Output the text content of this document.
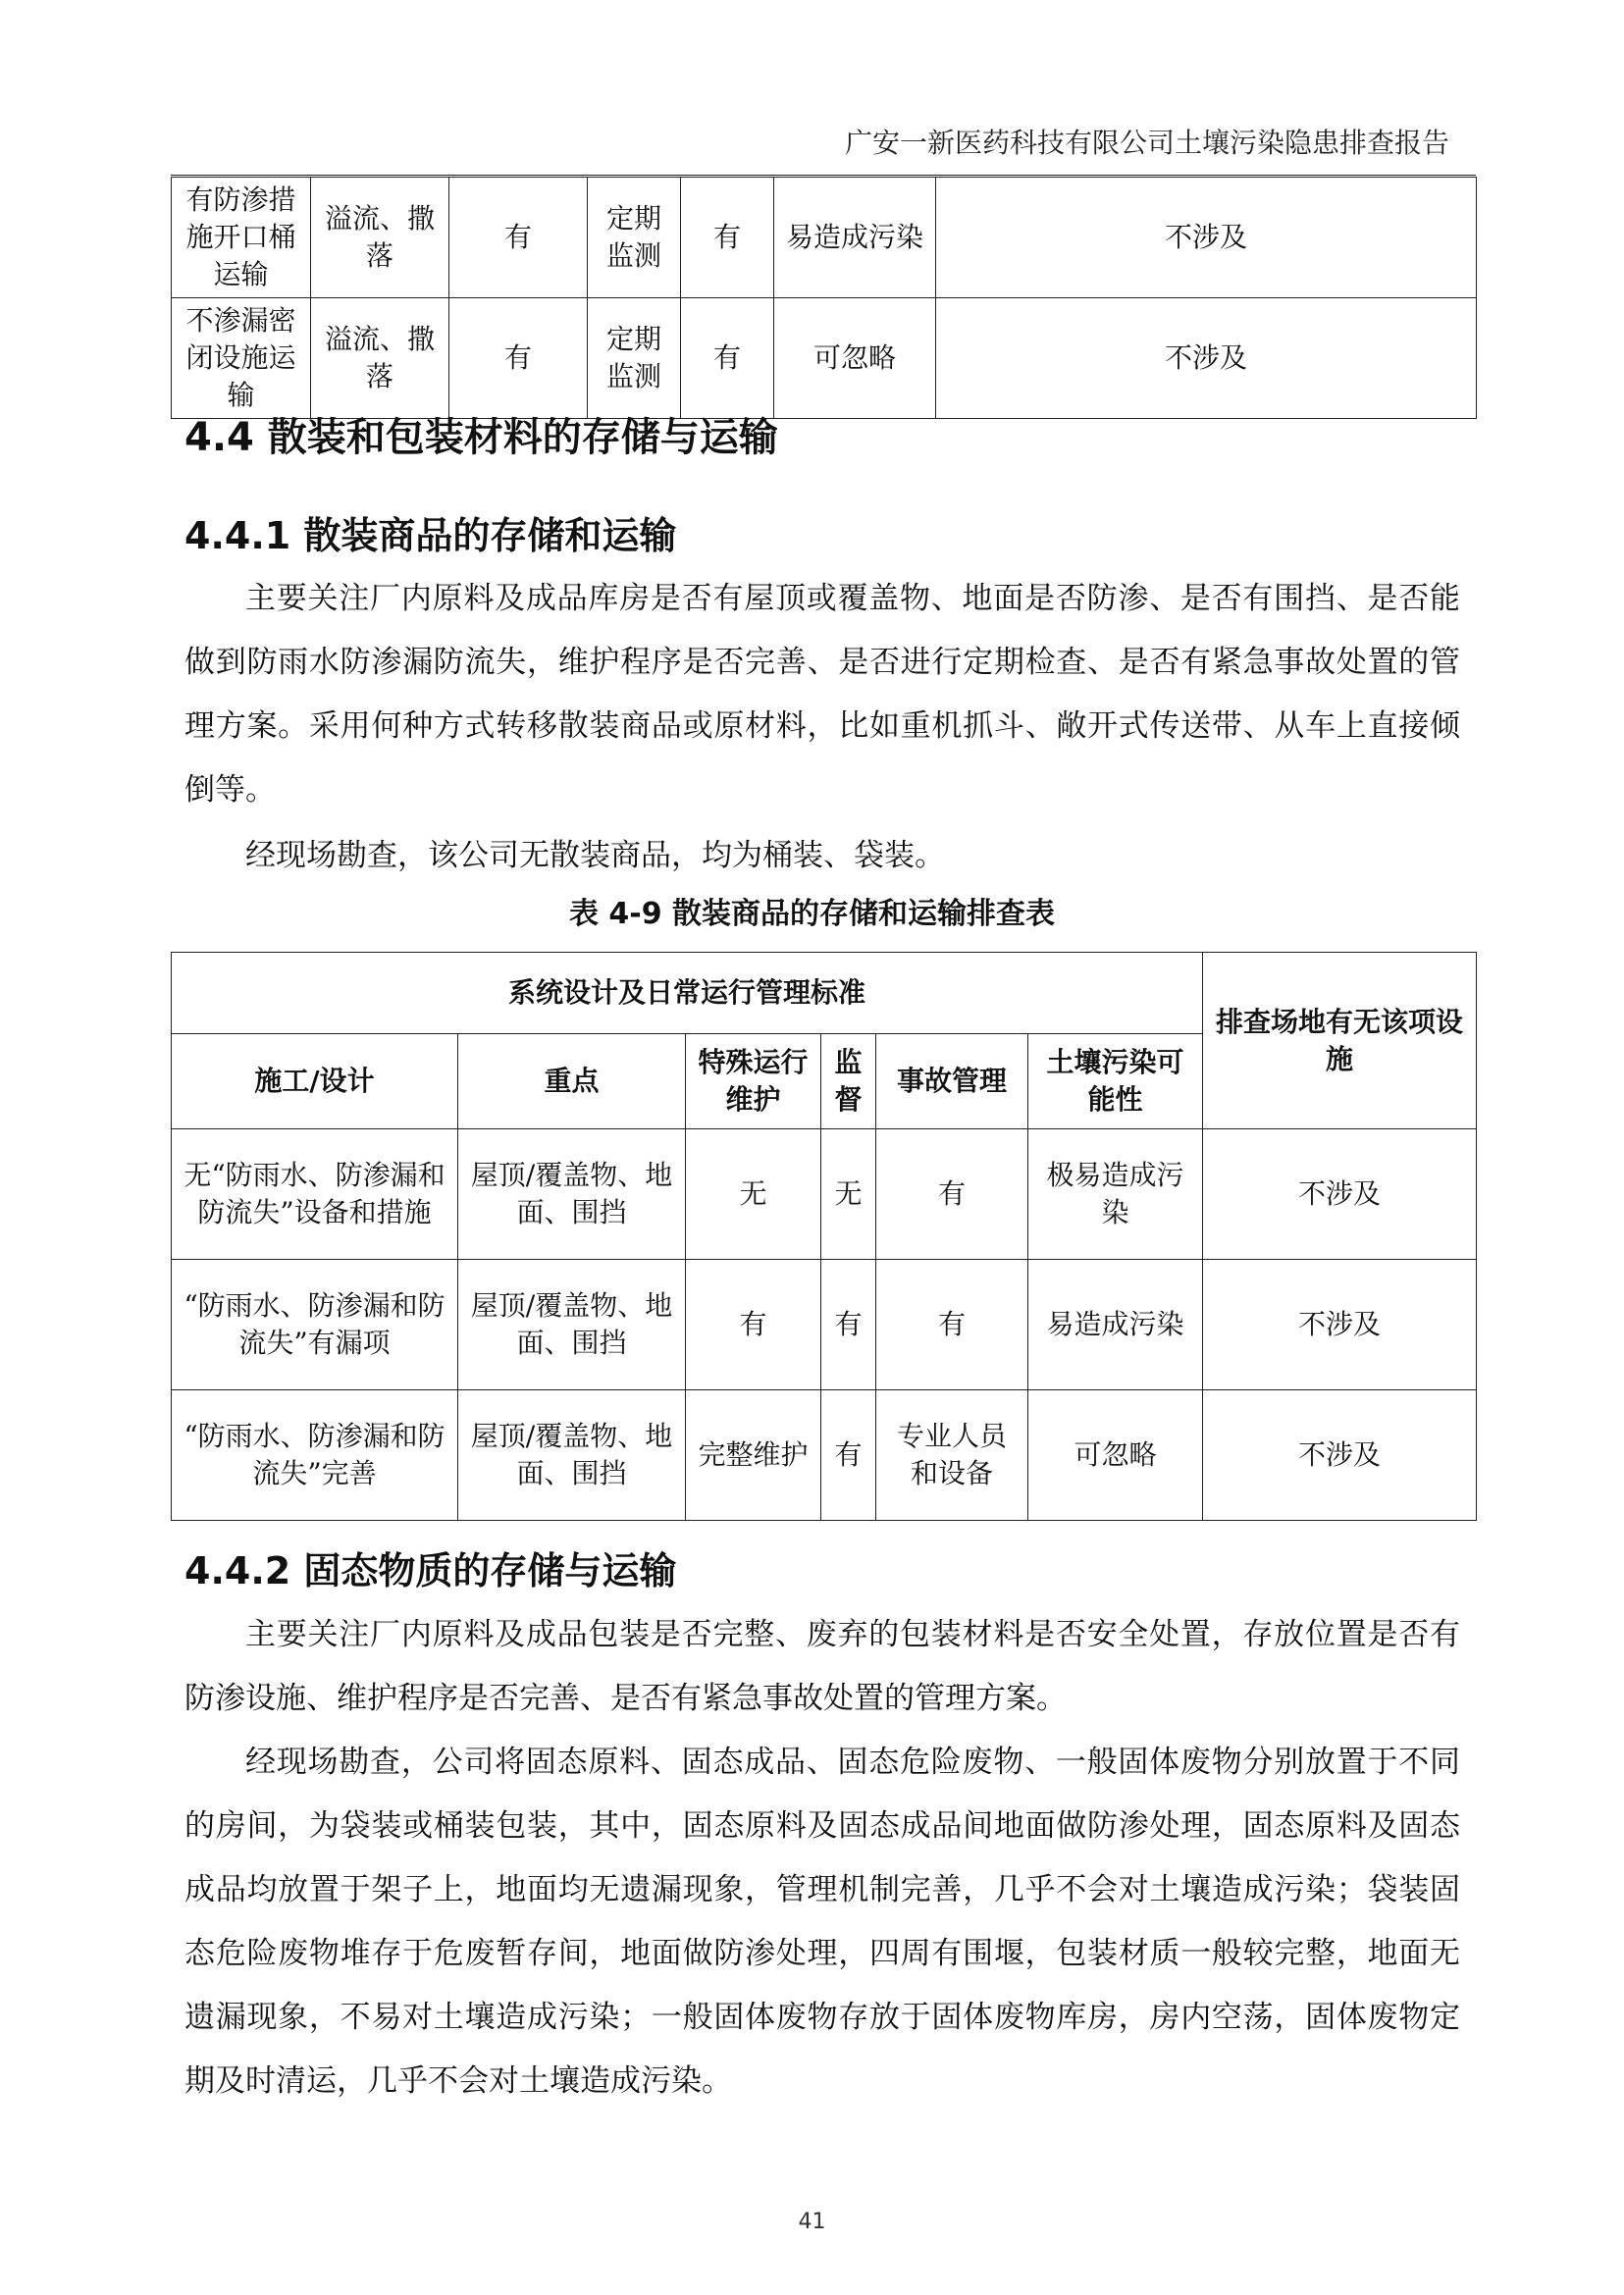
广安一新医药科技有限公司土壤污染隐患排查报告
有防渗措施开口桶运输	溢流、撒落	有	定期监测	有	易造成污染	不涉及
不渗漏密闭设施运输	溢流、撒落	有	定期监测	有	可忽略	不涉及
4.4 散装和包装材料的存储与运输
4.4.1 散装商品的存储和运输
主要关注厂内原料及成品库房是否有屋顶或覆盖物、地面是否防渗、是否有围挡、是否能做到防雨水防渗漏防流失，维护程序是否完善、是否进行定期检查、是否有紧急事故处置的管理方案。采用何种方式转移散装商品或原材料，比如重机抓斗、敞开式传送带、从车上直接倾倒等。
经现场勘查，该公司无散装商品，均为桶装、袋装。
表 4-9 散装商品的存储和运输排查表
系统设计及日常运行管理标准						排查场地有无该项设施
施工/设计	重点	特殊运行维护	监督	事故管理	土壤污染可能性	
无“防雨水、防渗漏和防流失”设备和措施	屋顶/覆盖物、地面、围挡	无	无	有	极易造成污染	不涉及
“防雨水、防渗漏和防流失”有漏项	屋顶/覆盖物、地面、围挡	有	有	有	易造成污染	不涉及
“防雨水、防渗漏和防流失”完善	屋顶/覆盖物、地面、围挡	完整维护	有	专业人员和设备	可忽略	不涉及
4.4.2 固态物质的存储与运输
主要关注厂内原料及成品包装是否完整、废弃的包装材料是否安全处置，存放位置是否有防渗设施、维护程序是否完善、是否有紧急事故处置的管理方案。
经现场勘查，公司将固态原料、固态成品、固态危险废物、一般固体废物分别放置于不同的房间，为袋装或桶装包装，其中，固态原料及固态成品间地面做防渗处理，固态原料及固态成品均放置于架子上，地面均无遗漏现象，管理机制完善，几乎不会对土壤造成污染；袋装固态危险废物堆存于危废暂存间，地面做防渗处理，四周有围堰，包装材质一般较完整，地面无遗漏现象，不易对土壤造成污染；一般固体废物存放于固体废物库房，房内空荡，固体废物定期及时清运，几乎不会对土壤造成污染。
41
